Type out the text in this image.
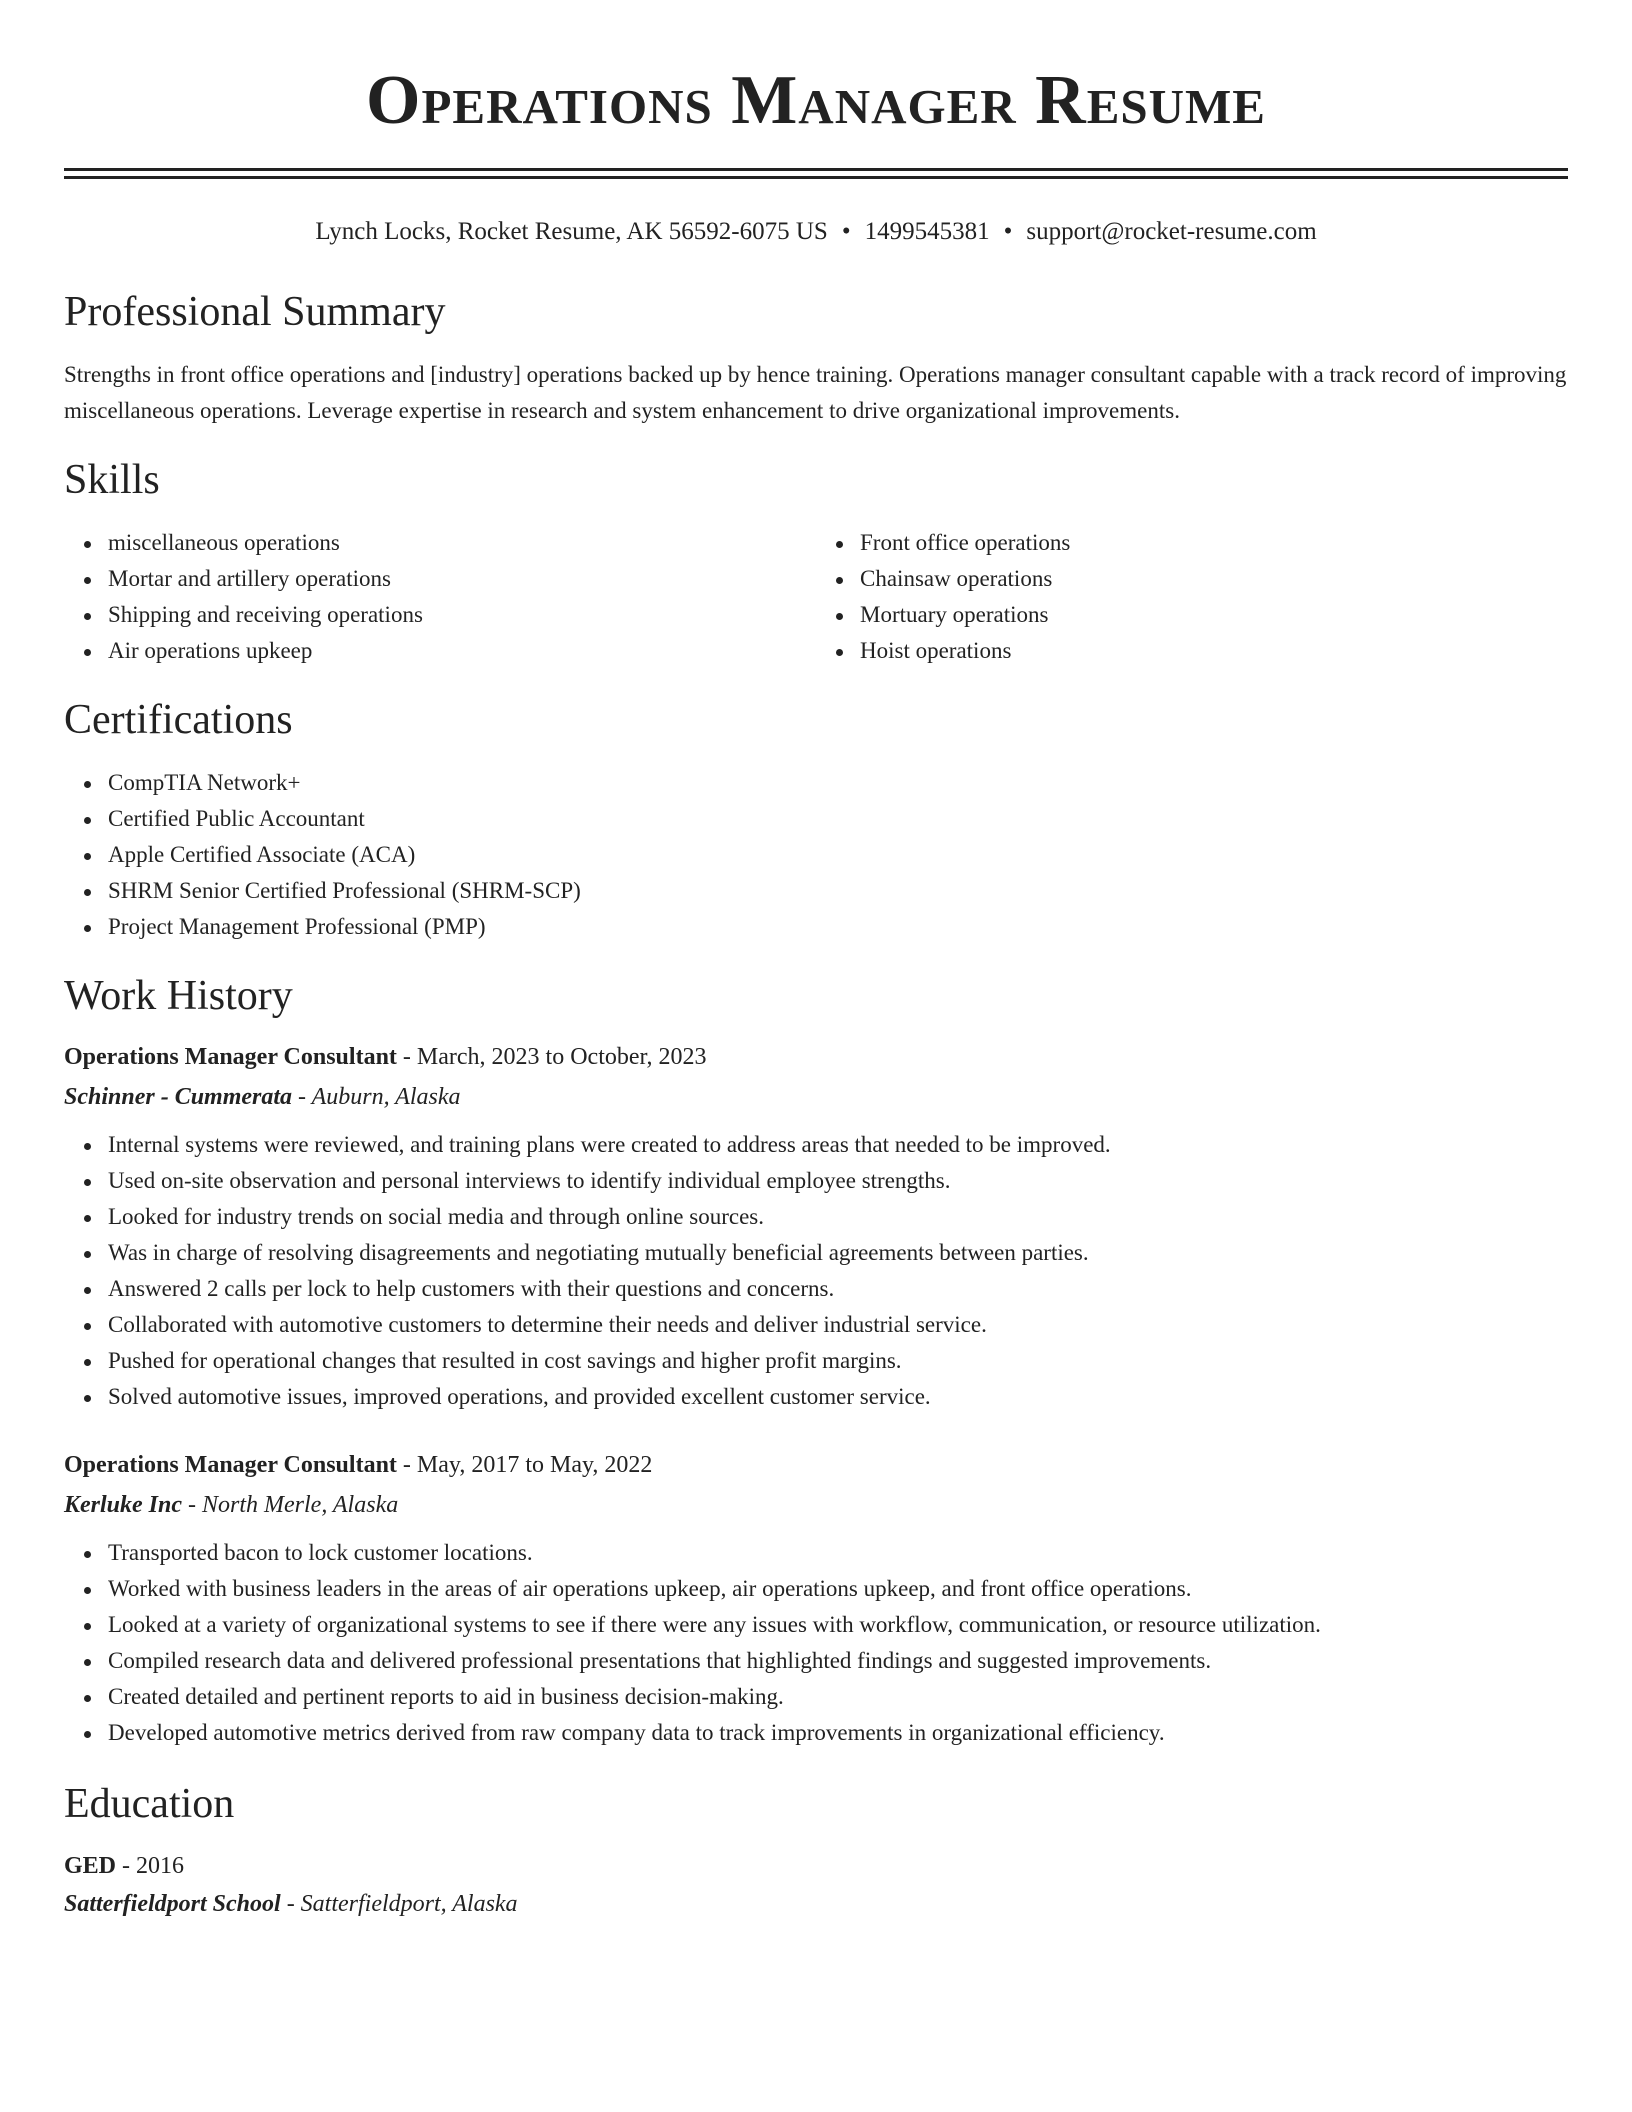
Operations Manager Resume
Lynch Locks, Rocket Resume, AK 56592-6075 US • 1499545381 • support@rocket-resume.com
Professional Summary
Strengths in front office operations and [industry] operations backed up by hence training. Operations manager consultant capable with a track record of improving miscellaneous operations. Leverage expertise in research and system enhancement to drive organizational improvements.
Skills
miscellaneous operations
Mortar and artillery operations
Shipping and receiving operations
Air operations upkeep
Front office operations
Chainsaw operations
Mortuary operations
Hoist operations
Certifications
CompTIA Network+
Certified Public Accountant
Apple Certified Associate (ACA)
SHRM Senior Certified Professional (SHRM-SCP)
Project Management Professional (PMP)
Work History
Operations Manager Consultant - March, 2023 to October, 2023
Schinner - Cummerata - Auburn, Alaska
Internal systems were reviewed, and training plans were created to address areas that needed to be improved.
Used on-site observation and personal interviews to identify individual employee strengths.
Looked for industry trends on social media and through online sources.
Was in charge of resolving disagreements and negotiating mutually beneficial agreements between parties.
Answered 2 calls per lock to help customers with their questions and concerns.
Collaborated with automotive customers to determine their needs and deliver industrial service.
Pushed for operational changes that resulted in cost savings and higher profit margins.
Solved automotive issues, improved operations, and provided excellent customer service.
Operations Manager Consultant - May, 2017 to May, 2022
Kerluke Inc - North Merle, Alaska
Transported bacon to lock customer locations.
Worked with business leaders in the areas of air operations upkeep, air operations upkeep, and front office operations.
Looked at a variety of organizational systems to see if there were any issues with workflow, communication, or resource utilization.
Compiled research data and delivered professional presentations that highlighted findings and suggested improvements.
Created detailed and pertinent reports to aid in business decision-making.
Developed automotive metrics derived from raw company data to track improvements in organizational efficiency.
Education
GED - 2016
Satterfieldport School - Satterfieldport, Alaska
